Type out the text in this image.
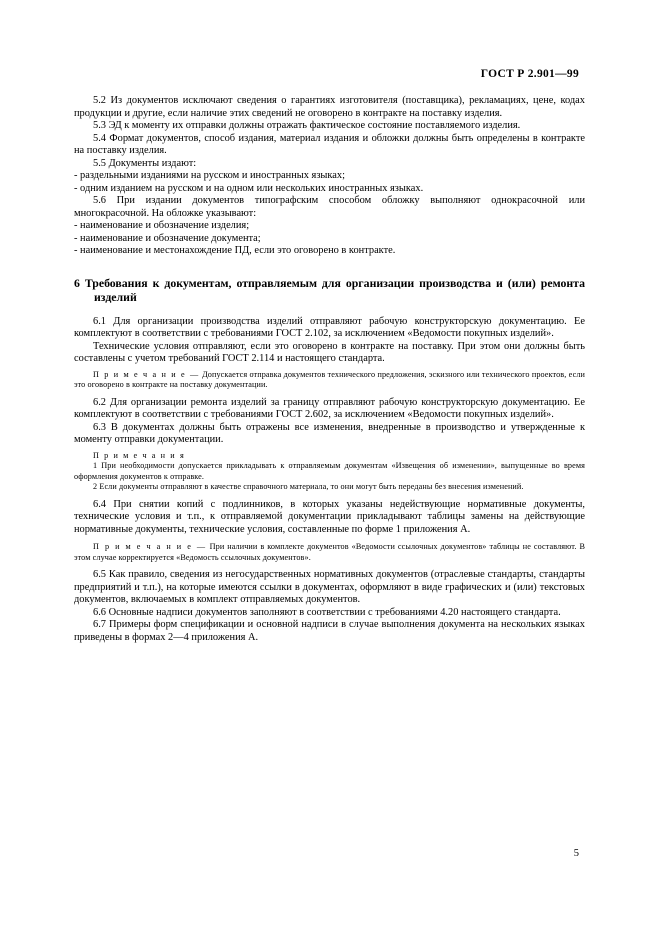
ГОСТ Р 2.901—99

5.2 Из документов исключают сведения о гарантиях изготовителя (поставщика), рекламациях, цене, кодах продукции и другие, если наличие этих сведений не оговорено в контракте на поставку изделия.

5.3 ЭД к моменту их отправки должны отражать фактическое состояние поставляемого изделия.

5.4 Формат документов, способ издания, материал издания и обложки должны быть определены в контракте на поставку изделия.

5.5 Документы издают:

- раздельными изданиями на русском и иностранных языках;

- одним изданием на русском и на одном или нескольких иностранных языках.

5.6 При издании документов типографским способом обложку выполняют однокрасочной или многокрасочной. На обложке указывают:

- наименование и обозначение изделия;

- наименование и обозначение документа;

- наименование и местонахождение ПД, если это оговорено в контракте.

6 Требования к документам, отправляемым для организации производства и (или) ремонта изделий

6.1 Для организации производства изделий отправляют рабочую конструкторскую документацию. Ее комплектуют в соответствии с требованиями ГОСТ 2.102, за исключением «Ведомости покупных изделий».

Технические условия отправляют, если это оговорено в контракте на поставку. При этом они должны быть составлены с учетом требований ГОСТ 2.114 и настоящего стандарта.

П р и м е ч а н и е — Допускается отправка документов технического предложения, эскизного или технического проектов, если это оговорено в контракте на поставку документации.

6.2 Для организации ремонта изделий за границу отправляют рабочую конструкторскую документацию. Ее комплектуют в соответствии с требованиями ГОСТ 2.602, за исключением «Ведомости покупных изделий».

6.3 В документах должны быть отражены все изменения, внедренные в производство и утвержденные к моменту отправки документации.

П р и м е ч а н и я

1 При необходимости допускается прикладывать к отправляемым документам «Извещения об изменении», выпущенные во время оформления документов к отправке.

2 Если документы отправляют в качестве справочного материала, то они могут быть переданы без внесения изменений.

6.4 При снятии копий с подлинников, в которых указаны недействующие нормативные документы, технические условия и т.п., к отправляемой документации прикладывают таблицы замены на действующие нормативные документы, технические условия, составленные по форме 1 приложения А.

П р и м е ч а н и е — При наличии в комплекте документов «Ведомости ссылочных документов» таблицы не составляют. В этом случае корректируется «Ведомость ссылочных документов».

6.5 Как правило, сведения из негосударственных нормативных документов (отраслевые стандарты, стандарты предприятий и т.п.), на которые имеются ссылки в документах, оформляют в виде графических и (или) текстовых документов, включаемых в комплект отправляемых документов.

6.6 Основные надписи документов заполняют в соответствии с требованиями 4.20 настоящего стандарта.

6.7 Примеры форм спецификации и основной надписи в случае выполнения документа на нескольких языках приведены в формах 2—4 приложения А.

5
